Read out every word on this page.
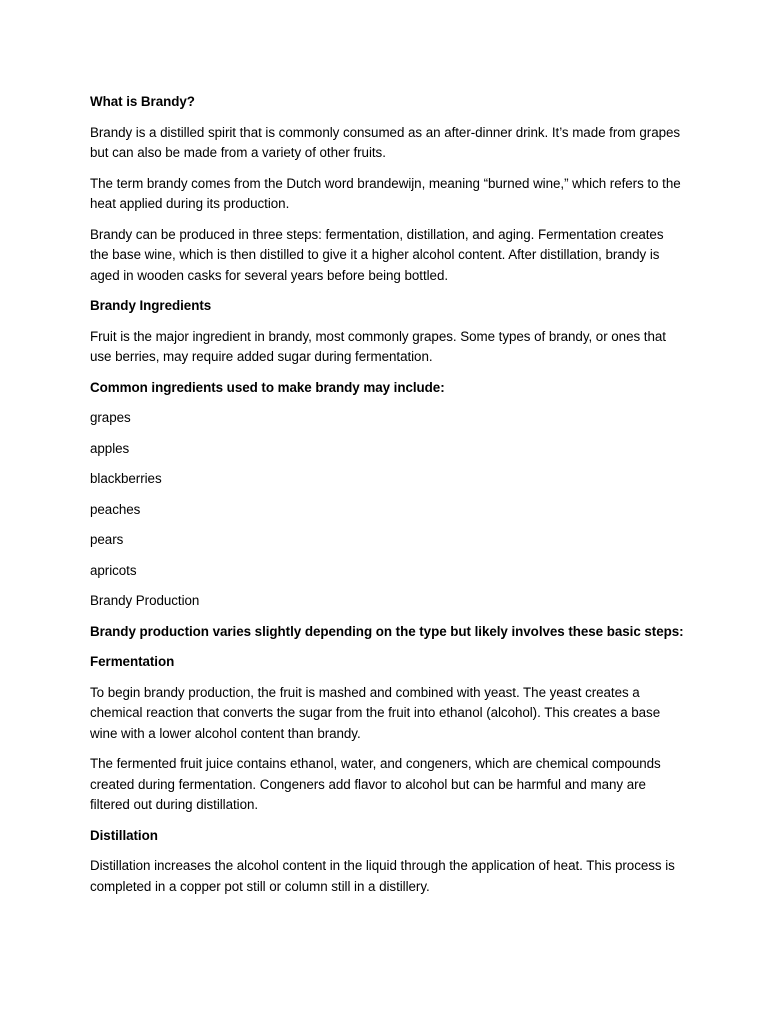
What is Brandy?

Brandy is a distilled spirit that is commonly consumed as an after-dinner drink. It’s made from grapes but can also be made from a variety of other fruits.

The term brandy comes from the Dutch word brandewijn, meaning “burned wine,” which refers to the heat applied during its production.

Brandy can be produced in three steps: fermentation, distillation, and aging. Fermentation creates the base wine, which is then distilled to give it a higher alcohol content. After distillation, brandy is aged in wooden casks for several years before being bottled.

Brandy Ingredients

Fruit is the major ingredient in brandy, most commonly grapes. Some types of brandy, or ones that use berries, may require added sugar during fermentation.

Common ingredients used to make brandy may include:

grapes

apples

blackberries

peaches

pears

apricots

Brandy Production

Brandy production varies slightly depending on the type but likely involves these basic steps:

Fermentation

To begin brandy production, the fruit is mashed and combined with yeast. The yeast creates a chemical reaction that converts the sugar from the fruit into ethanol (alcohol). This creates a base wine with a lower alcohol content than brandy.

The fermented fruit juice contains ethanol, water, and congeners, which are chemical compounds created during fermentation. Congeners add flavor to alcohol but can be harmful and many are filtered out during distillation.

Distillation

Distillation increases the alcohol content in the liquid through the application of heat. This process is completed in a copper pot still or column still in a distillery.
